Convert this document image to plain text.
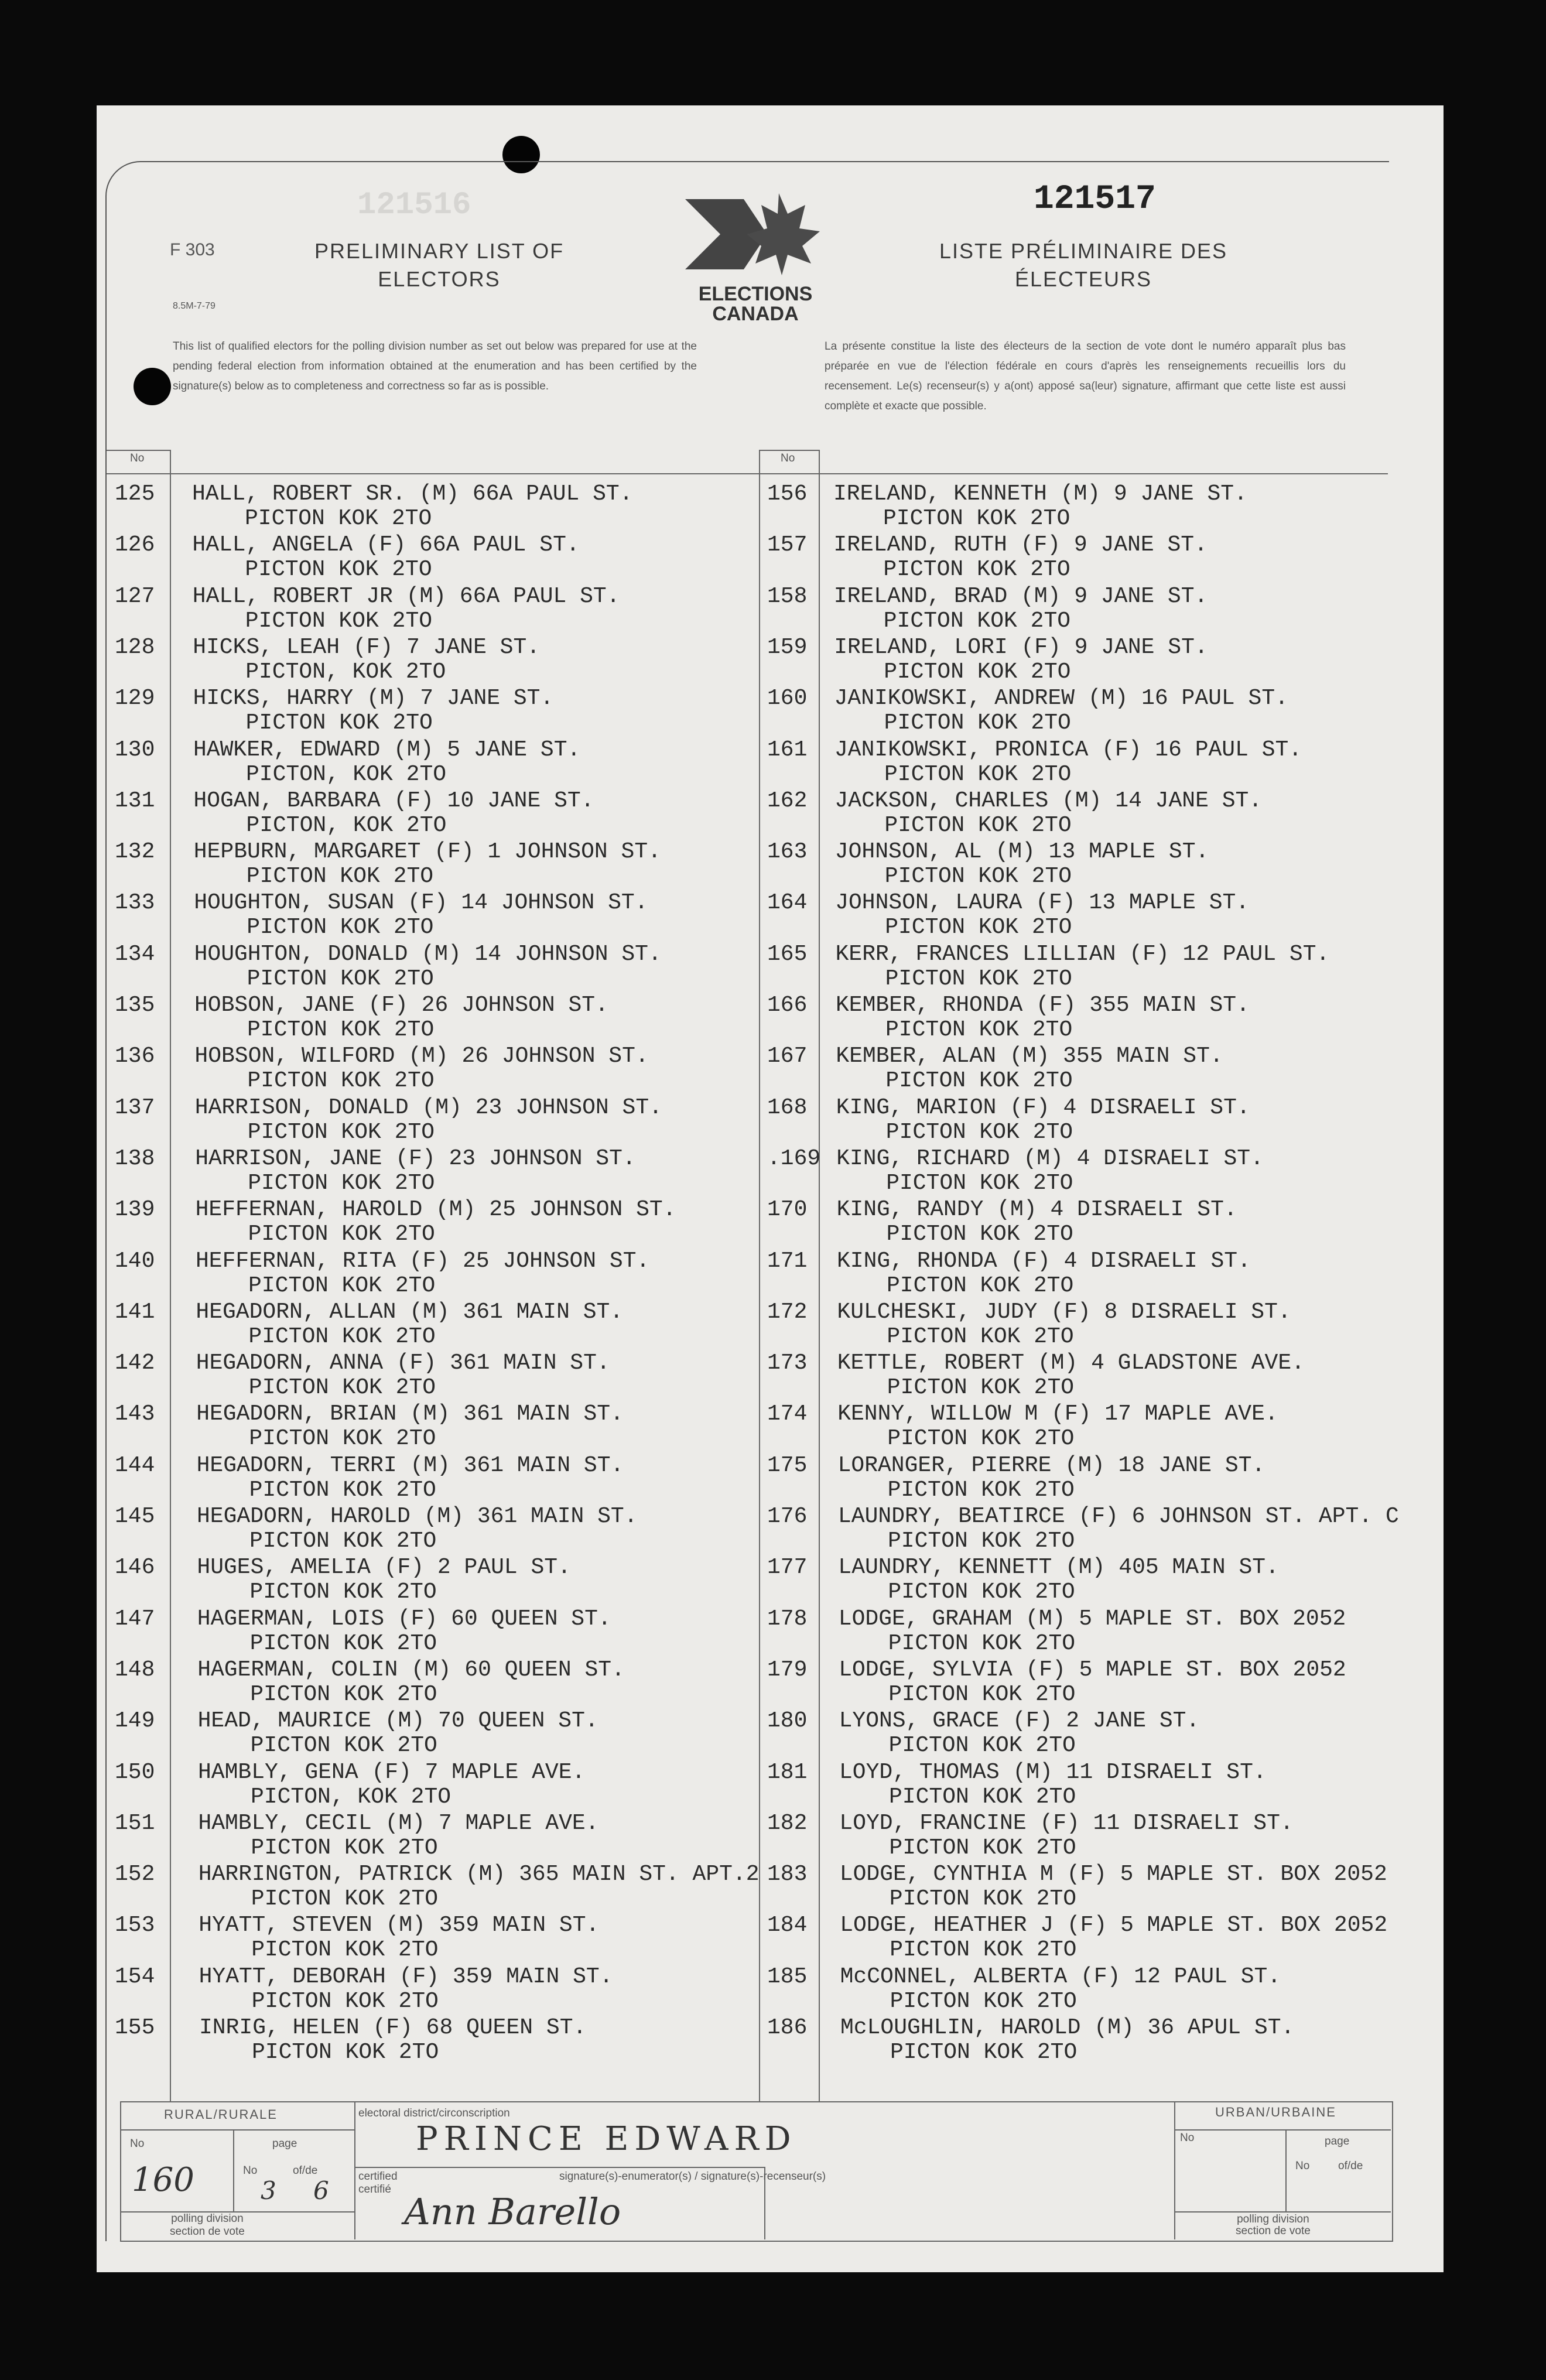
F 303
8.5M-7-79
PRELIMINARY LIST OF
ELECTORS
ELECTIONS
CANADA
121516	121517
LISTE PRÉLIMINAIRE DES
ÉLECTEURS
This list of qualified electors for the polling division number as set out below was prepared for use at the pending federal election from information obtained at the enumeration and has been certified by the signature(s) below as to completeness and correctness so far as is possible.
La présente constitue la liste des électeurs de la section de vote dont le numéro apparaît plus bas préparée en vue de l'élection fédérale en cours d'après les renseignements recueillis lors du recensement. Le(s) recenseur(s) y a(ont) apposé sa(leur) signature, affirmant que cette liste est aussi complète et exacte que possible.
No	No
125 HALL, ROBERT SR. (M) 66A PAUL ST.
PICTON KOK 2TO
126 HALL, ANGELA (F) 66A PAUL ST.
PICTON KOK 2TO
127 HALL, ROBERT JR (M) 66A PAUL ST.
PICTON KOK 2TO
128 HICKS, LEAH (F) 7 JANE ST.
PICTON, KOK 2TO
129 HICKS, HARRY (M) 7 JANE ST.
PICTON KOK 2TO
130 HAWKER, EDWARD (M) 5 JANE ST.
PICTON, KOK 2TO
131 HOGAN, BARBARA (F) 10 JANE ST.
PICTON, KOK 2TO
132 HEPBURN, MARGARET (F) 1 JOHNSON ST.
PICTON KOK 2TO
133 HOUGHTON, SUSAN (F) 14 JOHNSON ST.
PICTON KOK 2TO
134 HOUGHTON, DONALD (M) 14 JOHNSON ST.
PICTON KOK 2TO
135 HOBSON, JANE (F) 26 JOHNSON ST.
PICTON KOK 2TO
136 HOBSON, WILFORD (M) 26 JOHNSON ST.
PICTON KOK 2TO
137 HARRISON, DONALD (M) 23 JOHNSON ST.
PICTON KOK 2TO
138 HARRISON, JANE (F) 23 JOHNSON ST.
PICTON KOK 2TO
139 HEFFERNAN, HAROLD (M) 25 JOHNSON ST.
PICTON KOK 2TO
140 HEFFERNAN, RITA (F) 25 JOHNSON ST.
PICTON KOK 2TO
141 HEGADORN, ALLAN (M) 361 MAIN ST.
PICTON KOK 2TO
142 HEGADORN, ANNA (F) 361 MAIN ST.
PICTON KOK 2TO
143 HEGADORN, BRIAN (M) 361 MAIN ST.
PICTON KOK 2TO
144 HEGADORN, TERRI (M) 361 MAIN ST.
PICTON KOK 2TO
145 HEGADORN, HAROLD (M) 361 MAIN ST.
PICTON KOK 2TO
146 HUGES, AMELIA (F) 2 PAUL ST.
PICTON KOK 2TO
147 HAGERMAN, LOIS (F) 60 QUEEN ST.
PICTON KOK 2TO
148 HAGERMAN, COLIN (M) 60 QUEEN ST.
PICTON KOK 2TO
149 HEAD, MAURICE (M) 70 QUEEN ST.
PICTON KOK 2TO
150 HAMBLY, GENA (F) 7 MAPLE AVE.
PICTON, KOK 2TO
151 HAMBLY, CECIL (M) 7 MAPLE AVE.
PICTON KOK 2TO
152 HARRINGTON, PATRICK (M) 365 MAIN ST. APT.2
PICTON KOK 2TO
153 HYATT, STEVEN (M) 359 MAIN ST.
PICTON KOK 2TO
154 HYATT, DEBORAH (F) 359 MAIN ST.
PICTON KOK 2TO
155 INRIG, HELEN (F) 68 QUEEN ST.
PICTON KOK 2TO
156 IRELAND, KENNETH (M) 9 JANE ST.
PICTON KOK 2TO
157 IRELAND, RUTH (F) 9 JANE ST.
PICTON KOK 2TO
158 IRELAND, BRAD (M) 9 JANE ST.
PICTON KOK 2TO
159 IRELAND, LORI (F) 9 JANE ST.
PICTON KOK 2TO
160 JANIKOWSKI, ANDREW (M) 16 PAUL ST.
PICTON KOK 2TO
161 JANIKOWSKI, PRONICA (F) 16 PAUL ST.
PICTON KOK 2TO
162 JACKSON, CHARLES (M) 14 JANE ST.
PICTON KOK 2TO
163 JOHNSON, AL (M) 13 MAPLE ST.
PICTON KOK 2TO
164 JOHNSON, LAURA (F) 13 MAPLE ST.
PICTON KOK 2TO
165 KERR, FRANCES LILLIAN (F) 12 PAUL ST.
PICTON KOK 2TO
166 KEMBER, RHONDA (F) 355 MAIN ST.
PICTON KOK 2TO
167 KEMBER, ALAN (M) 355 MAIN ST.
PICTON KOK 2TO
168 KING, MARION (F) 4 DISRAELI ST.
PICTON KOK 2TO
.169 KING, RICHARD (M) 4 DISRAELI ST.
PICTON KOK 2TO
170 KING, RANDY (M) 4 DISRAELI ST.
PICTON KOK 2TO
171 KING, RHONDA (F) 4 DISRAELI ST.
PICTON KOK 2TO
172 KULCHESKI, JUDY (F) 8 DISRAELI ST.
PICTON KOK 2TO
173 KETTLE, ROBERT (M) 4 GLADSTONE AVE.
PICTON KOK 2TO
174 KENNY, WILLOW M (F) 17 MAPLE AVE.
PICTON KOK 2TO
175 LORANGER, PIERRE (M) 18 JANE ST.
PICTON KOK 2TO
176 LAUNDRY, BEATIRCE (F) 6 JOHNSON ST. APT. C
PICTON KOK 2TO
177 LAUNDRY, KENNETT (M) 405 MAIN ST.
PICTON KOK 2TO
178 LODGE, GRAHAM (M) 5 MAPLE ST. BOX 2052
PICTON KOK 2TO
179 LODGE, SYLVIA (F) 5 MAPLE ST. BOX 2052
PICTON KOK 2TO
180 LYONS, GRACE (F) 2 JANE ST.
PICTON KOK 2TO
181 LOYD, THOMAS (M) 11 DISRAELI ST.
PICTON KOK 2TO
182 LOYD, FRANCINE (F) 11 DISRAELI ST.
PICTON KOK 2TO
183 LODGE, CYNTHIA M (F) 5 MAPLE ST. BOX 2052
PICTON KOK 2TO
184 LODGE, HEATHER J (F) 5 MAPLE ST. BOX 2052
PICTON KOK 2TO
185 McCONNEL, ALBERTA (F) 12 PAUL ST.
PICTON KOK 2TO
186 McLOUGHLIN, HAROLD (M) 36 APUL ST.
PICTON KOK 2TO
RURAL/RURALE	URBAN/URBAINE
No	page
No	of/de
160	3 6
polling division
section de vote
electoral district/circonscription
PRINCE EDWARD
certified
certifié
signature(s)-enumerator(s) / signature(s)-recenseur(s)
Ann Barello
No	page
No	of/de
polling division
section de vote
